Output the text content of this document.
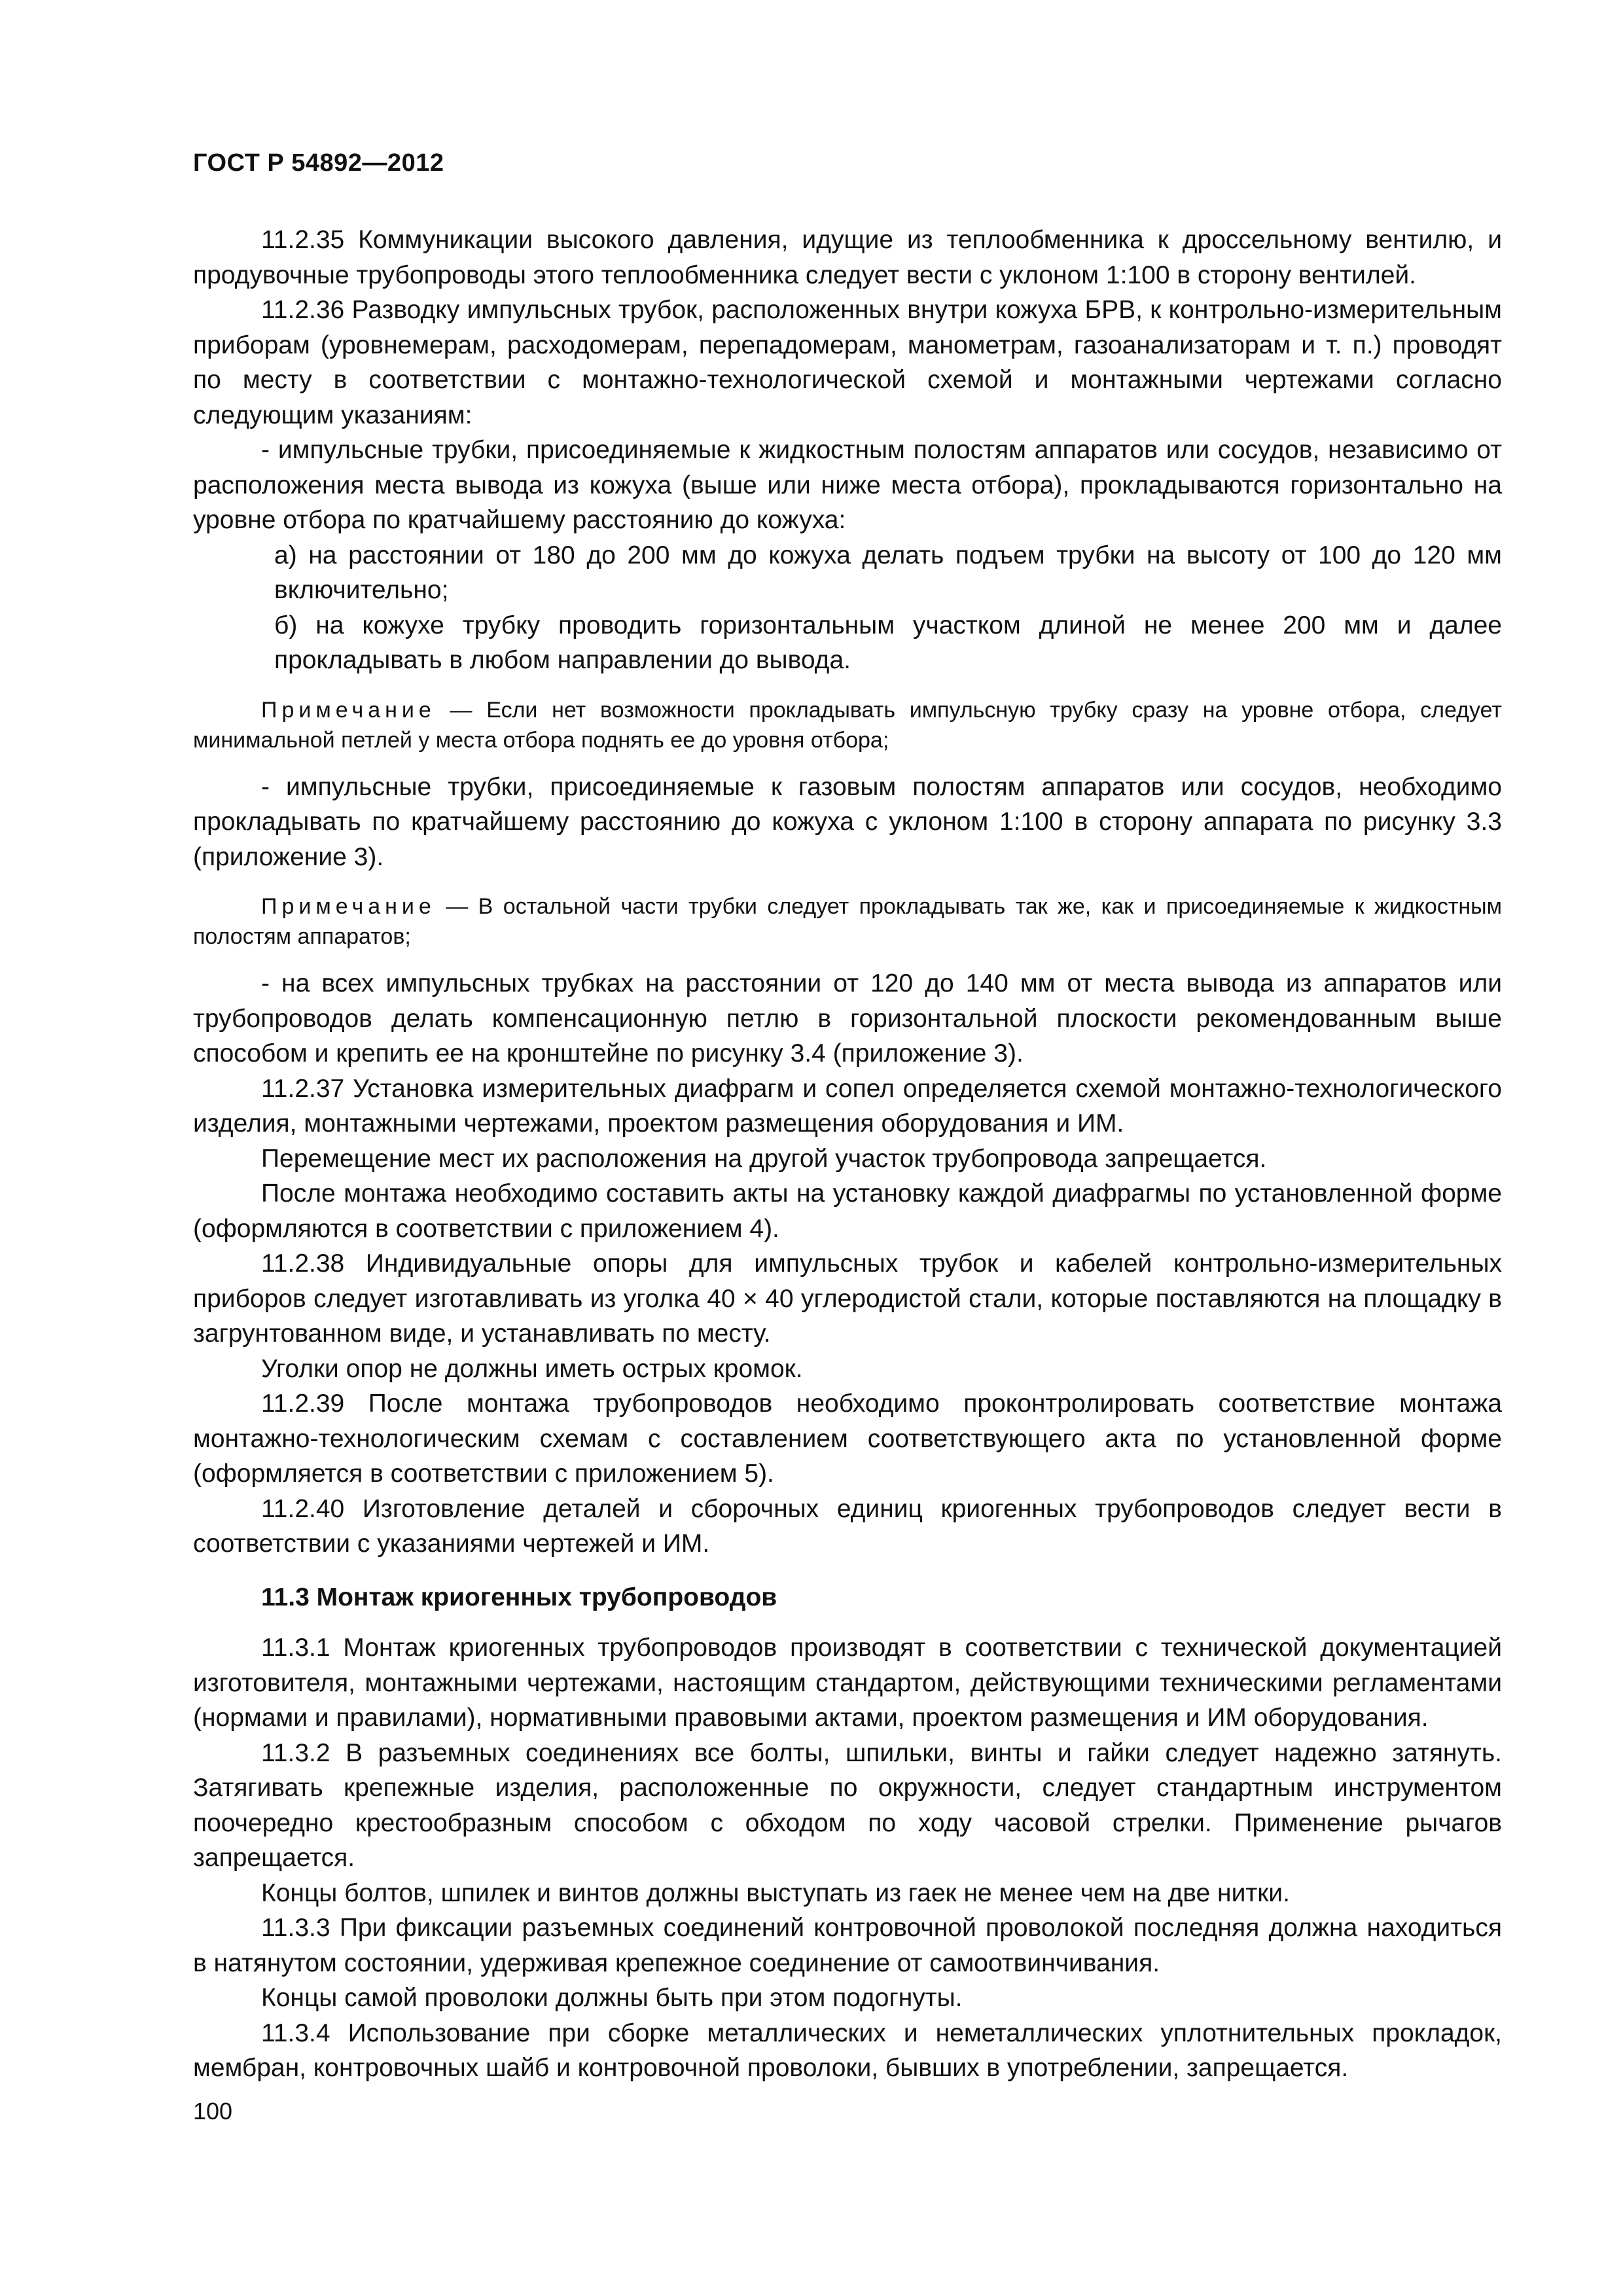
ГОСТ Р 54892—2012

11.2.35 Коммуникации высокого давления, идущие из теплообменника к дроссельному вентилю, и продувочные трубопроводы этого теплообменника следует вести с уклоном 1:100 в сторону вентилей.

11.2.36 Разводку импульсных трубок, расположенных внутри кожуха БРВ, к контрольно-измерительным приборам (уровнемерам, расходомерам, перепадомерам, манометрам, газоанализаторам и т. п.) проводят по месту в соответствии с монтажно-технологической схемой и монтажными чертежами согласно следующим указаниям:

- импульсные трубки, присоединяемые к жидкостным полостям аппаратов или сосудов, независимо от расположения места вывода из кожуха (выше или ниже места отбора), прокладываются горизонтально на уровне отбора по кратчайшему расстоянию до кожуха:

а) на расстоянии от 180 до 200 мм до кожуха делать подъем трубки на высоту от 100 до 120 мм включительно;

б) на кожухе трубку проводить горизонтальным участком длиной не менее 200 мм и далее прокладывать в любом направлении до вывода.

Примечание — Если нет возможности прокладывать импульсную трубку сразу на уровне отбора, следует минимальной петлей у места отбора поднять ее до уровня отбора;

- импульсные трубки, присоединяемые к газовым полостям аппаратов или сосудов, необходимо прокладывать по кратчайшему расстоянию до кожуха с уклоном 1:100 в сторону аппарата по рисунку 3.3 (приложение 3).

Примечание — В остальной части трубки следует прокладывать так же, как и присоединяемые к жидкостным полостям аппаратов;

- на всех импульсных трубках на расстоянии от 120 до 140 мм от места вывода из аппаратов или трубопроводов делать компенсационную петлю в горизонтальной плоскости рекомендованным выше способом и крепить ее на кронштейне по рисунку 3.4 (приложение 3).

11.2.37 Установка измерительных диафрагм и сопел определяется схемой монтажно-технологического изделия, монтажными чертежами, проектом размещения оборудования и ИМ.

Перемещение мест их расположения на другой участок трубопровода запрещается.

После монтажа необходимо составить акты на установку каждой диафрагмы по установленной форме (оформляются в соответствии с приложением 4).

11.2.38 Индивидуальные опоры для импульсных трубок и кабелей контрольно-измерительных приборов следует изготавливать из уголка 40 × 40 углеродистой стали, которые поставляются на площадку в загрунтованном виде, и устанавливать по месту.

Уголки опор не должны иметь острых кромок.

11.2.39 После монтажа трубопроводов необходимо проконтролировать соответствие монтажа монтажно-технологическим схемам с составлением соответствующего акта по установленной форме (оформляется в соответствии с приложением 5).

11.2.40 Изготовление деталей и сборочных единиц криогенных трубопроводов следует вести в соответствии с указаниями чертежей и ИМ.

11.3 Монтаж криогенных трубопроводов

11.3.1 Монтаж криогенных трубопроводов производят в соответствии с технической документацией изготовителя, монтажными чертежами, настоящим стандартом, действующими техническими регламентами (нормами и правилами), нормативными правовыми актами, проектом размещения и ИМ оборудования.

11.3.2 В разъемных соединениях все болты, шпильки, винты и гайки следует надежно затянуть. Затягивать крепежные изделия, расположенные по окружности, следует стандартным инструментом поочередно крестообразным способом с обходом по ходу часовой стрелки. Применение рычагов запрещается.

Концы болтов, шпилек и винтов должны выступать из гаек не менее чем на две нитки.

11.3.3 При фиксации разъемных соединений контровочной проволокой последняя должна находиться в натянутом состоянии, удерживая крепежное соединение от самоотвинчивания.

Концы самой проволоки должны быть при этом подогнуты.

11.3.4 Использование при сборке металлических и неметаллических уплотнительных прокладок, мембран, контровочных шайб и контровочной проволоки, бывших в употреблении, запрещается.

100
